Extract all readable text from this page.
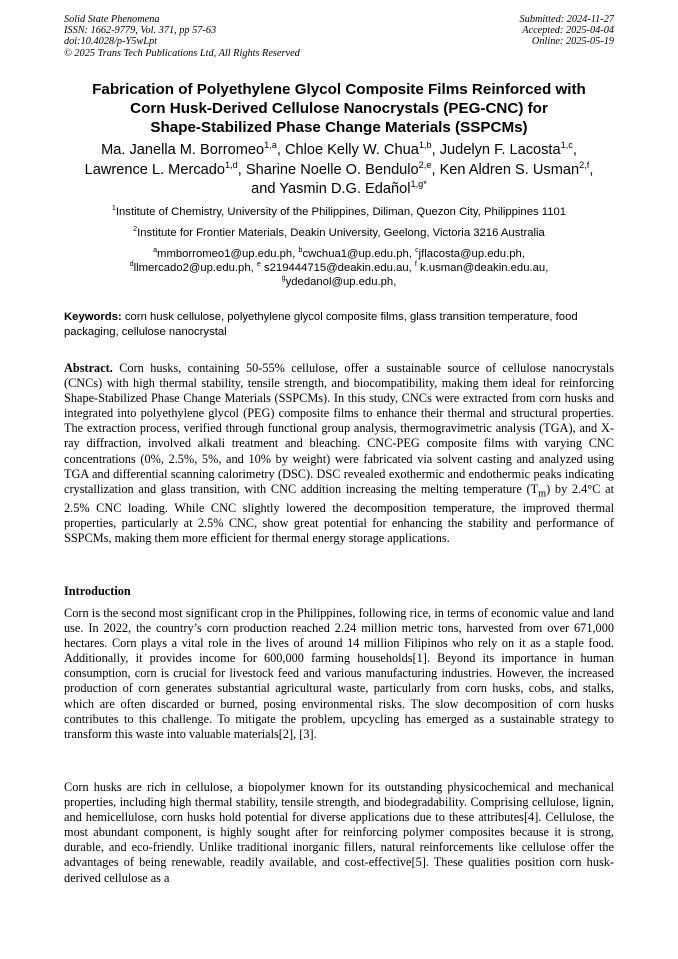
Solid State Phenomena
ISSN: 1662-9779, Vol. 371, pp 57-63
doi:10.4028/p-Y5wLpt
© 2025 Trans Tech Publications Ltd, All Rights Reserved
Submitted: 2024-11-27
Accepted: 2025-04-04
Online: 2025-05-19
Fabrication of Polyethylene Glycol Composite Films Reinforced with
Corn Husk-Derived Cellulose Nanocrystals (PEG-CNC) for
Shape-Stabilized Phase Change Materials (SSPCMs)
Ma. Janella M. Borromeo$^{1,a}$, Chloe Kelly W. Chua$^{1,b}$, Judelyn F. Lacosta$^{1,c}$,
Lawrence L. Mercado$^{1,d}$, Sharine Noelle O. Bendulo$^{2,e}$, Ken Aldren S. Usman$^{2,f}$,
and Yasmin D.G. Edañol$^{1,g*}$
$^1$Institute of Chemistry, University of the Philippines, Diliman, Quezon City, Philippines 1101
$^2$Institute for Frontier Materials, Deakin University, Geelong, Victoria 3216 Australia
$^a$mmborromeo1@up.edu.ph, $^b$cwchua1@up.edu.ph, $^c$jflacosta@up.edu.ph,
$^d$llmercado2@up.edu.ph, $^e$ s219444715@deakin.edu.au, $^f$ k.usman@deakin.edu.au,
$^g$ydedanol@up.edu.ph,
Keywords: corn husk cellulose, polyethylene glycol composite films, glass transition temperature, food packaging, cellulose nanocrystal
Abstract. Corn husks, containing 50-55% cellulose, offer a sustainable source of cellulose nanocrystals (CNCs) with high thermal stability, tensile strength, and biocompatibility, making them ideal for reinforcing Shape-Stabilized Phase Change Materials (SSPCMs). In this study, CNCs were extracted from corn husks and integrated into polyethylene glycol (PEG) composite films to enhance their thermal and structural properties. The extraction process, verified through functional group analysis, thermogravimetric analysis (TGA), and X-ray diffraction, involved alkali treatment and bleaching. CNC-PEG composite films with varying CNC concentrations (0%, 2.5%, 5%, and 10% by weight) were fabricated via solvent casting and analyzed using TGA and differential scanning calorimetry (DSC). DSC revealed exothermic and endothermic peaks indicating crystallization and glass transition, with CNC addition increasing the melting temperature $(T_m)$ by 2.4°C at 2.5% CNC loading. While CNC slightly lowered the decomposition temperature, the improved thermal properties, particularly at 2.5% CNC, show great potential for enhancing the stability and performance of SSPCMs, making them more efficient for thermal energy storage applications.
Introduction
Corn is the second most significant crop in the Philippines, following rice, in terms of economic value and land use. In 2022, the country’s corn production reached 2.24 million metric tons, harvested from over 671,000 hectares. Corn plays a vital role in the lives of around 14 million Filipinos who rely on it as a staple food. Additionally, it provides income for 600,000 farming households[1]. Beyond its importance in human consumption, corn is crucial for livestock feed and various manufacturing industries. However, the increased production of corn generates substantial agricultural waste, particularly from corn husks, cobs, and stalks, which are often discarded or burned, posing environmental risks. The slow decomposition of corn husks contributes to this challenge. To mitigate the problem, upcycling has emerged as a sustainable strategy to transform this waste into valuable materials[2], [3].
Corn husks are rich in cellulose, a biopolymer known for its outstanding physicochemical and mechanical properties, including high thermal stability, tensile strength, and biodegradability. Comprising cellulose, lignin, and hemicellulose, corn husks hold potential for diverse applications due to these attributes[4]. Cellulose, the most abundant component, is highly sought after for reinforcing polymer composites because it is strong, durable, and eco-friendly. Unlike traditional inorganic fillers, natural reinforcements like cellulose offer the advantages of being renewable, readily available, and cost-effective[5]. These qualities position corn husk-derived cellulose as a
